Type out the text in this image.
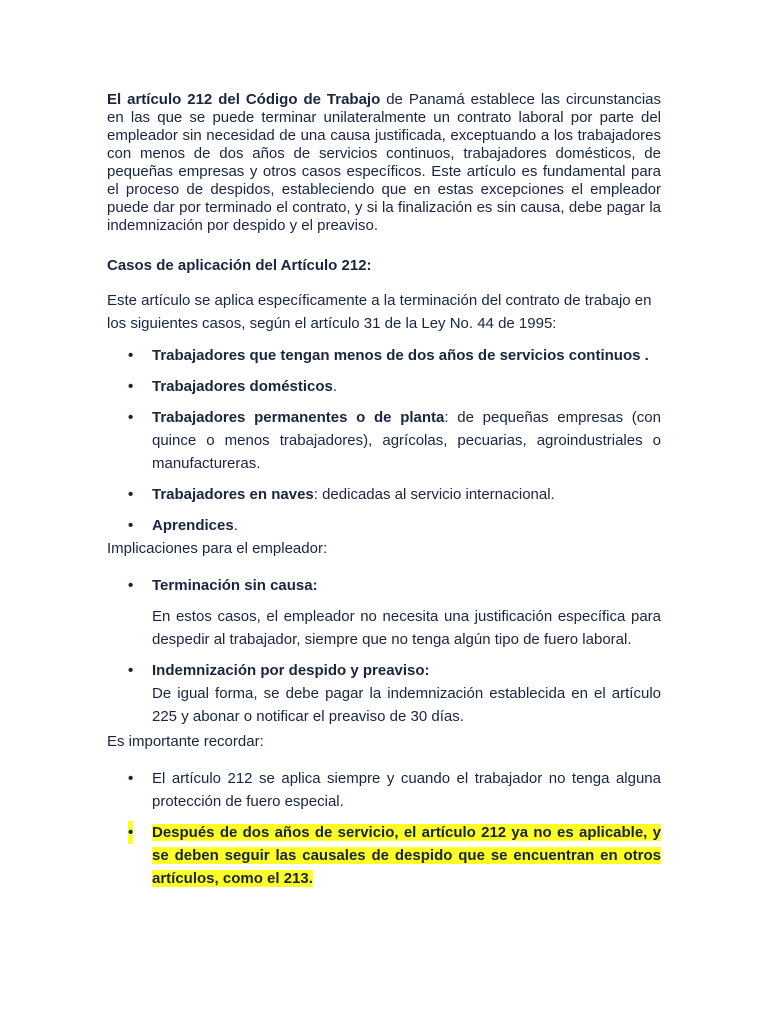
El artículo 212 del Código de Trabajo de Panamá establece las circunstancias en las que se puede terminar unilateralmente un contrato laboral por parte del empleador sin necesidad de una causa justificada, exceptuando a los trabajadores con menos de dos años de servicios continuos, trabajadores domésticos, de pequeñas empresas y otros casos específicos. Este artículo es fundamental para el proceso de despidos, estableciendo que en estas excepciones el empleador puede dar por terminado el contrato, y si la finalización es sin causa, debe pagar la indemnización por despido y el preaviso.

Casos de aplicación del Artículo 212:

Este artículo se aplica específicamente a la terminación del contrato de trabajo en los siguientes casos, según el artículo 31 de la Ley No. 44 de 1995:

• Trabajadores que tengan menos de dos años de servicios continuos .
• Trabajadores domésticos.
• Trabajadores permanentes o de planta: de pequeñas empresas (con quince o menos trabajadores), agrícolas, pecuarias, agroindustriales o manufactureras.
• Trabajadores en naves: dedicadas al servicio internacional.
• Aprendices.

Implicaciones para el empleador:

• Terminación sin causa:
En estos casos, el empleador no necesita una justificación específica para despedir al trabajador, siempre que no tenga algún tipo de fuero laboral.
• Indemnización por despido y preaviso:
De igual forma, se debe pagar la indemnización establecida en el artículo 225 y abonar o notificar el preaviso de 30 días.

Es importante recordar:

• El artículo 212 se aplica siempre y cuando el trabajador no tenga alguna protección de fuero especial.
• Después de dos años de servicio, el artículo 212 ya no es aplicable, y se deben seguir las causales de despido que se encuentran en otros artículos, como el 213.
